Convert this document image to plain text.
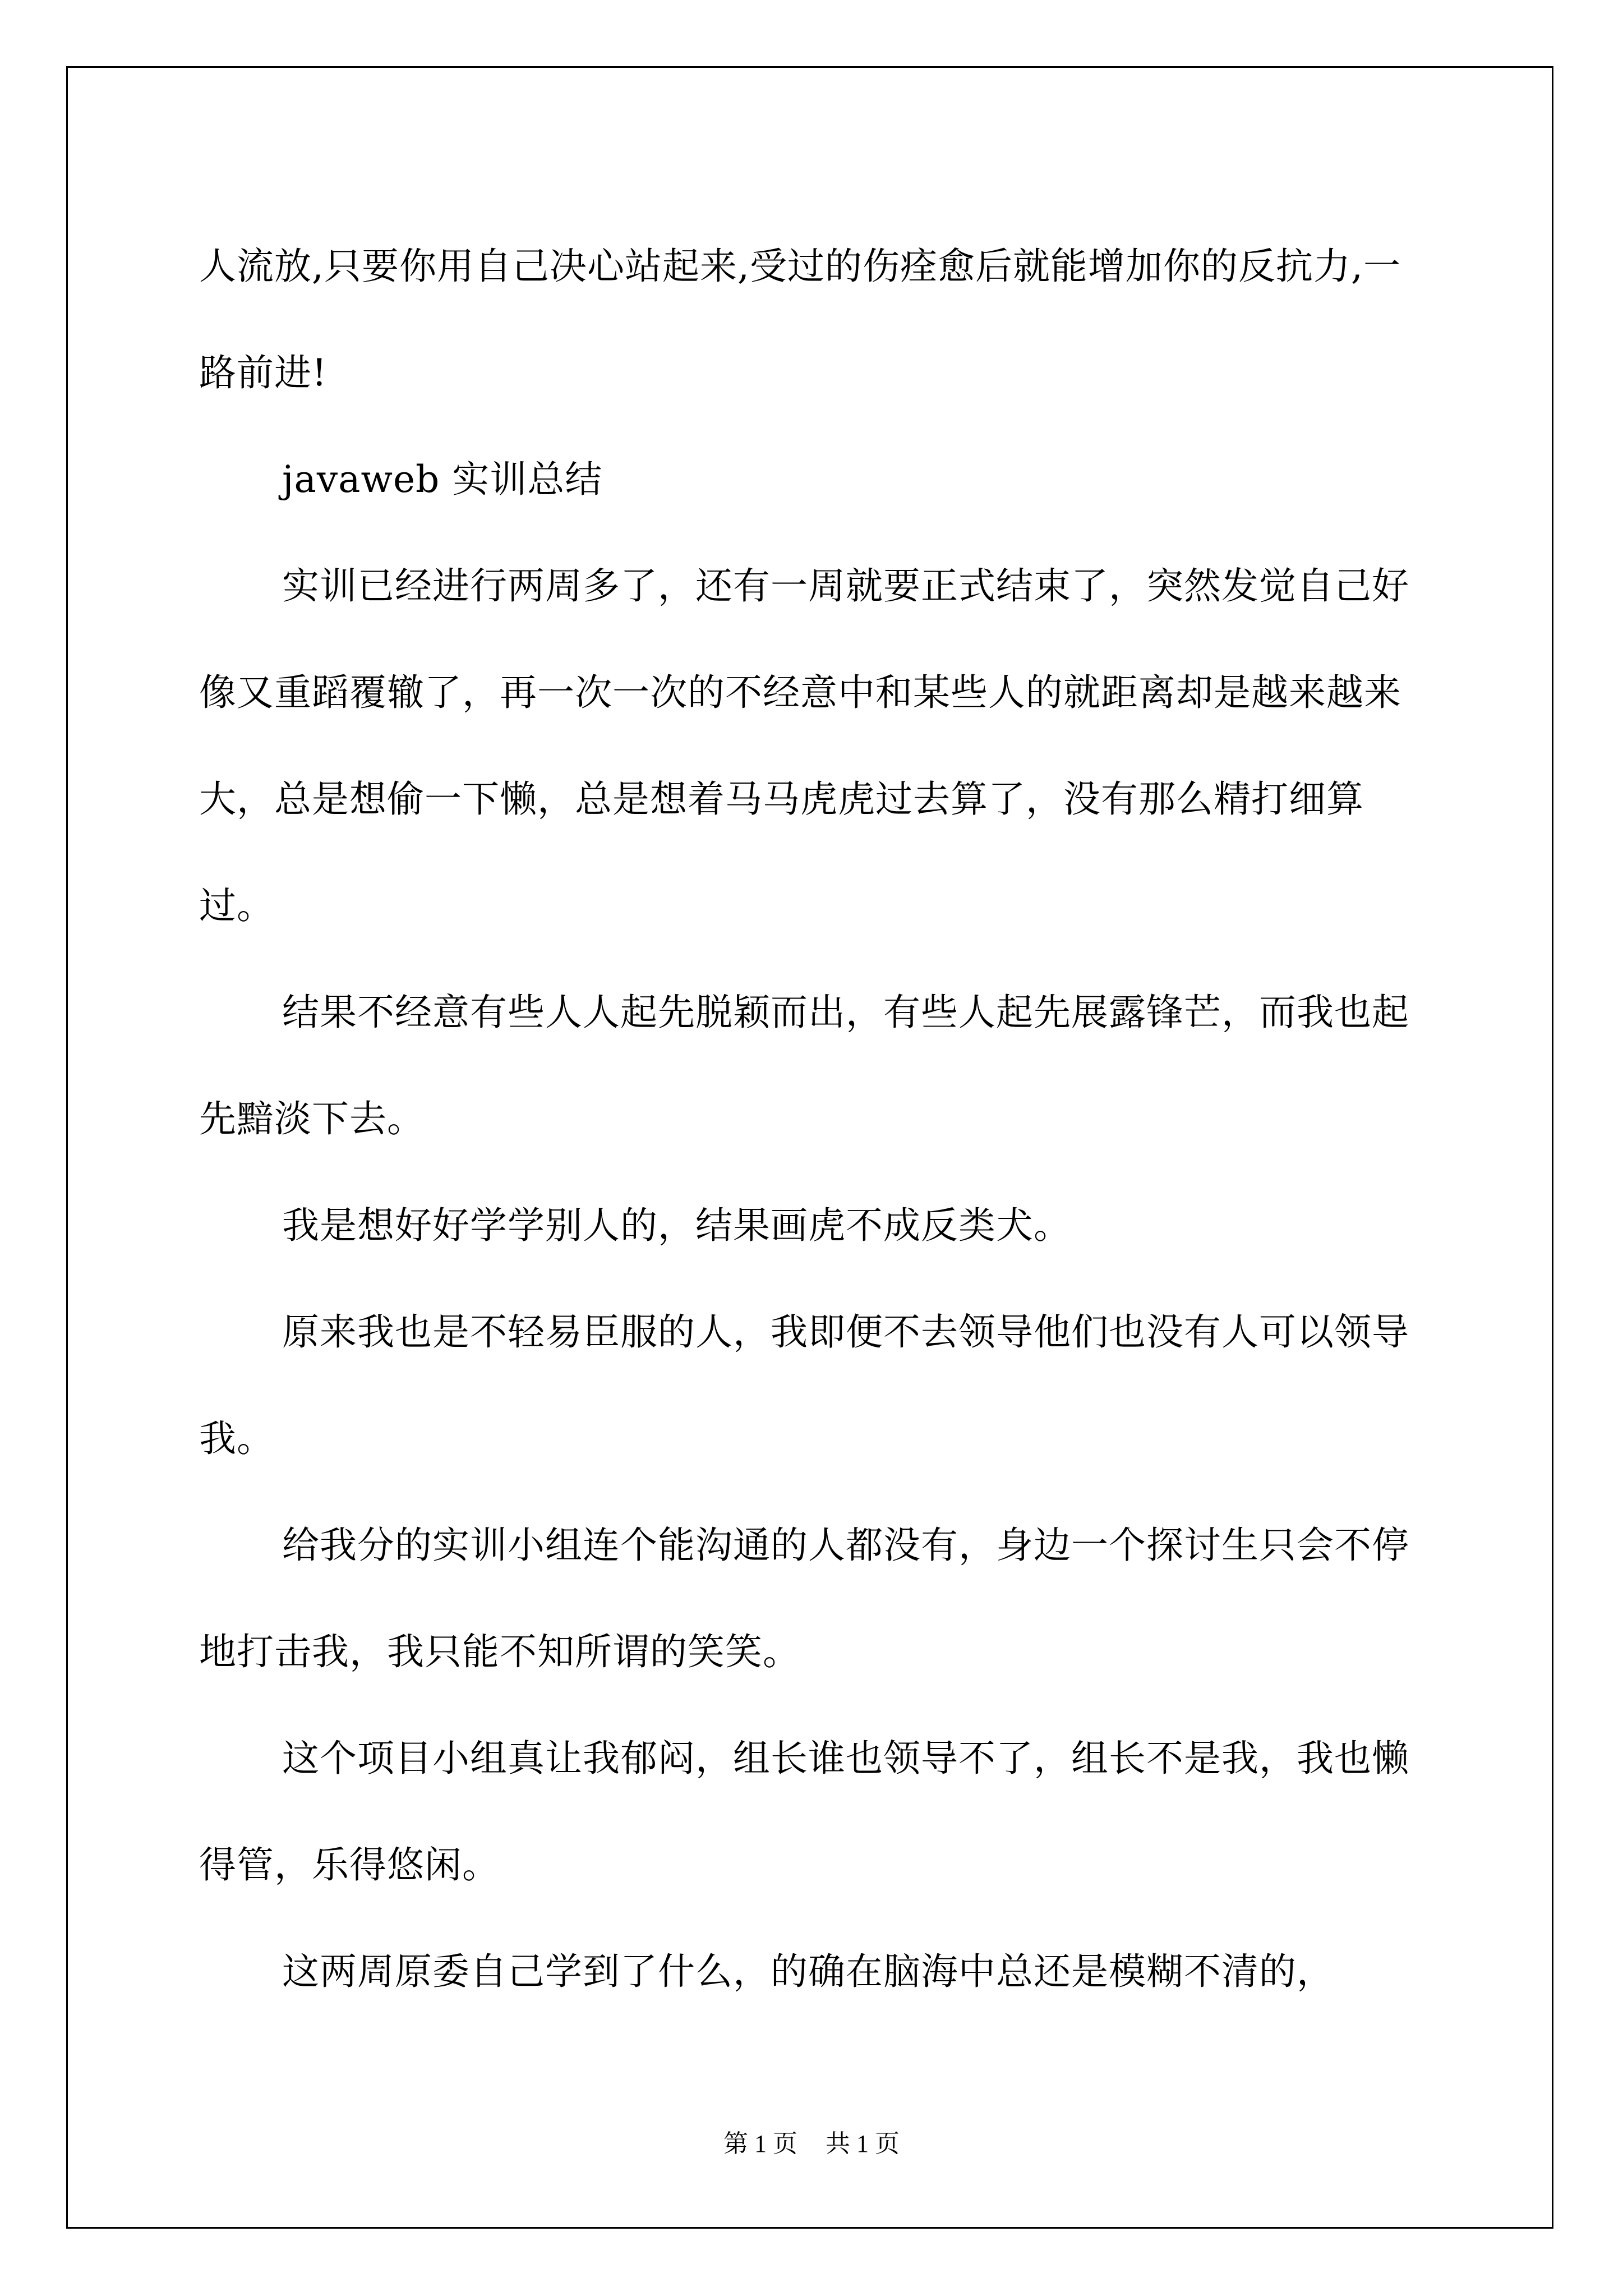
人流放,只要你用自己决心站起来,受过的伤痊愈后就能增加你的反抗力,一路前进!

javaweb 实训总结

实训已经进行两周多了，还有一周就要正式结束了，突然发觉自己好像又重蹈覆辙了，再一次一次的不经意中和某些人的就距离却是越来越来大，总是想偷一下懒，总是想着马马虎虎过去算了，没有那么精打细算过。

结果不经意有些人人起先脱颖而出，有些人起先展露锋芒，而我也起先黯淡下去。

我是想好好学学别人的，结果画虎不成反类犬。

原来我也是不轻易臣服的人，我即便不去领导他们也没有人可以领导我。

给我分的实训小组连个能沟通的人都没有，身边一个探讨生只会不停地打击我，我只能不知所谓的笑笑。

这个项目小组真让我郁闷，组长谁也领导不了，组长不是我，我也懒得管，乐得悠闲。

这两周原委自己学到了什么，的确在脑海中总还是模糊不清的，

第 1 页 共 1 页
